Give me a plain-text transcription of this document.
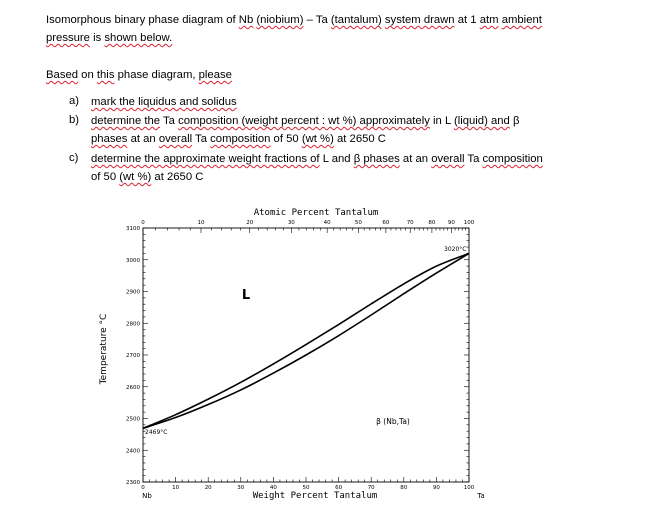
Isomorphous binary phase diagram of Nb (niobium) – Ta (tantalum) system drawn at 1 atm ambient
pressure is shown below.
Based on this phase diagram, please
a) mark the liquidus and solidus
b) determine the Ta composition (weight percent : wt %) approximately in L (liquid) and β
phases at an overall Ta composition of 50 (wt %) at 2650 C
c) determine the approximate weight fractions of L and β phases at an overall Ta composition
of 50 (wt %) at 2650 C
0	10	20	30	40	50	60	70	80 90 100
0	10	20	30	40	50	60	70	80	90	100
2300
2400
2500
2600
2700
2800
2900
3000
3100
Atomic Percent Tantalum
Weight Percent Tantalum
Temperature °C
Nb	Ta
L
β (Nb,Ta)
2469°C
3020°C
